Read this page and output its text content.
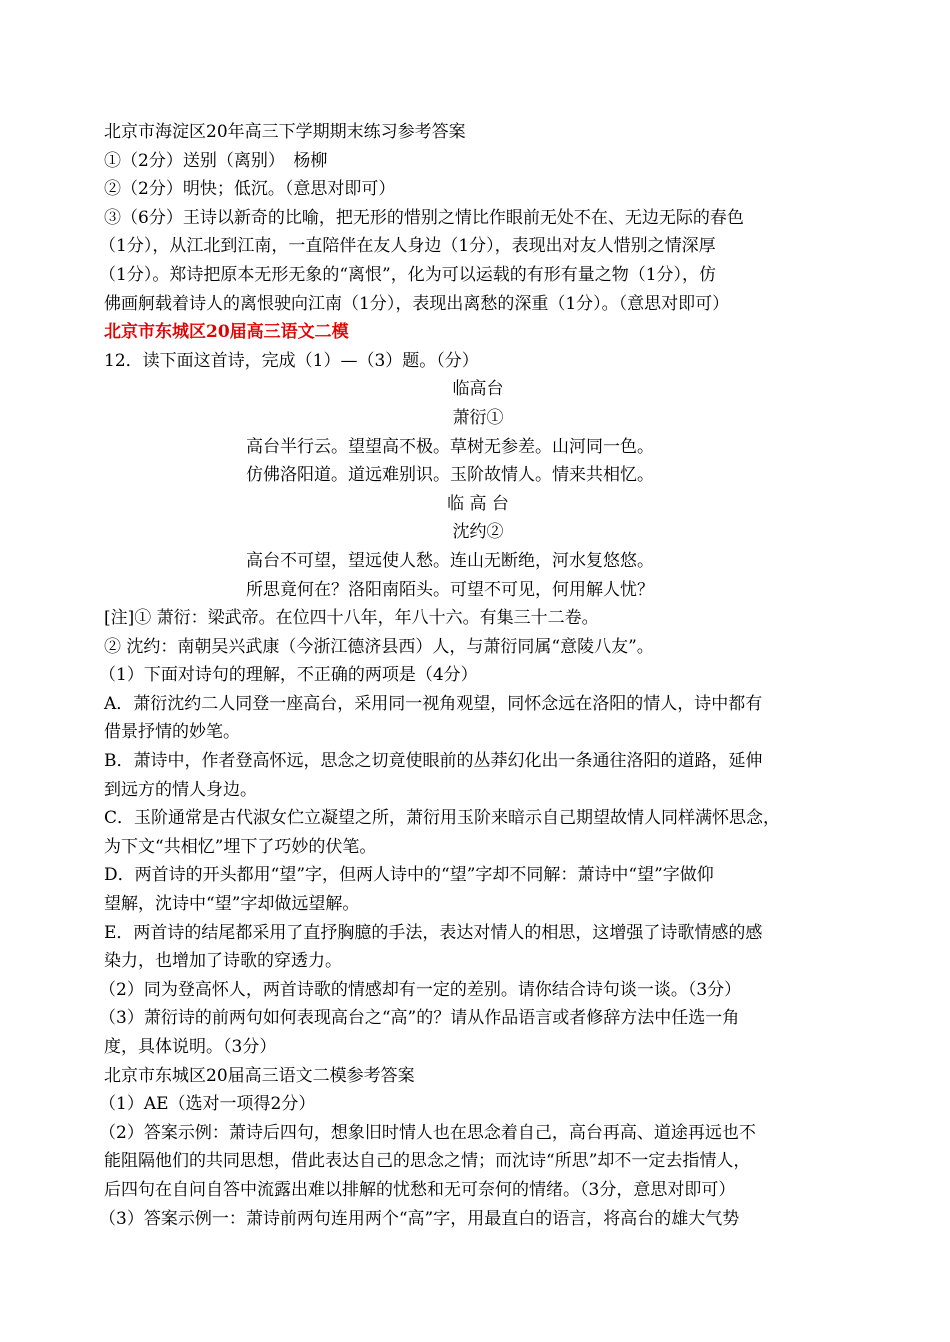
北京市海淀区20年高三下学期期末练习参考答案
①（2分）送别（离别）　杨柳
②（2分）明快；低沉。（意思对即可）
③（6分）王诗以新奇的比喻，把无形的惜别之情比作眼前无处不在、无边无际的春色
（1分），从江北到江南，一直陪伴在友人身边（1分），表现出对友人惜别之情深厚
（1分）。郑诗把原本无形无象的“离恨”，化为可以运载的有形有量之物（1分），仿
佛画舸载着诗人的离恨驶向江南（1分），表现出离愁的深重（1分）。（意思对即可）
北京市东城区20届高三语文二模
12．读下面这首诗，完成（1）—（3）题。（分）
临高台
萧衍①
高台半行云。望望高不极。草树无参差。山河同一色。
仿佛洛阳道。道远难别识。玉阶故情人。情来共相忆。
临 高 台
沈约②
高台不可望，望远使人愁。连山无断绝，河水复悠悠。
所思竟何在？洛阳南陌头。可望不可见，何用解人忧？
[注]① 萧衍：梁武帝。在位四十八年，年八十六。有集三十二卷。
② 沈约：南朝吴兴武康（今浙江德济县西）人，与萧衍同属“意陵八友”。
（1）下面对诗句的理解，不正确的两项是（4分）
A．萧衍沈约二人同登一座高台，采用同一视角观望，同怀念远在洛阳的情人，诗中都有
借景抒情的妙笔。
B．萧诗中，作者登高怀远，思念之切竟使眼前的丛莽幻化出一条通往洛阳的道路，延伸
到远方的情人身边。
C．玉阶通常是古代淑女伫立凝望之所，萧衍用玉阶来暗示自己期望故情人同样满怀思念，
为下文“共相忆”埋下了巧妙的伏笔。
D．两首诗的开头都用“望”字，但两人诗中的“望”字却不同解：萧诗中“望”字做仰
望解，沈诗中“望”字却做远望解。
E．两首诗的结尾都采用了直抒胸臆的手法，表达对情人的相思，这增强了诗歌情感的感
染力，也增加了诗歌的穿透力。
（2）同为登高怀人，两首诗歌的情感却有一定的差别。请你结合诗句谈一谈。（3分）
（3）萧衍诗的前两句如何表现高台之“高”的？请从作品语言或者修辞方法中任选一角
度，具体说明。（3分）
北京市东城区20届高三语文二模参考答案
（1）AE（选对一项得2分）
（2）答案示例：萧诗后四句，想象旧时情人也在思念着自己，高台再高、道途再远也不
能阻隔他们的共同思想，借此表达自己的思念之情；而沈诗“所思”却不一定去指情人，
后四句在自问自答中流露出难以排解的忧愁和无可奈何的情绪。（3分，意思对即可）
（3）答案示例一：萧诗前两句连用两个“高”字，用最直白的语言，将高台的雄大气势
